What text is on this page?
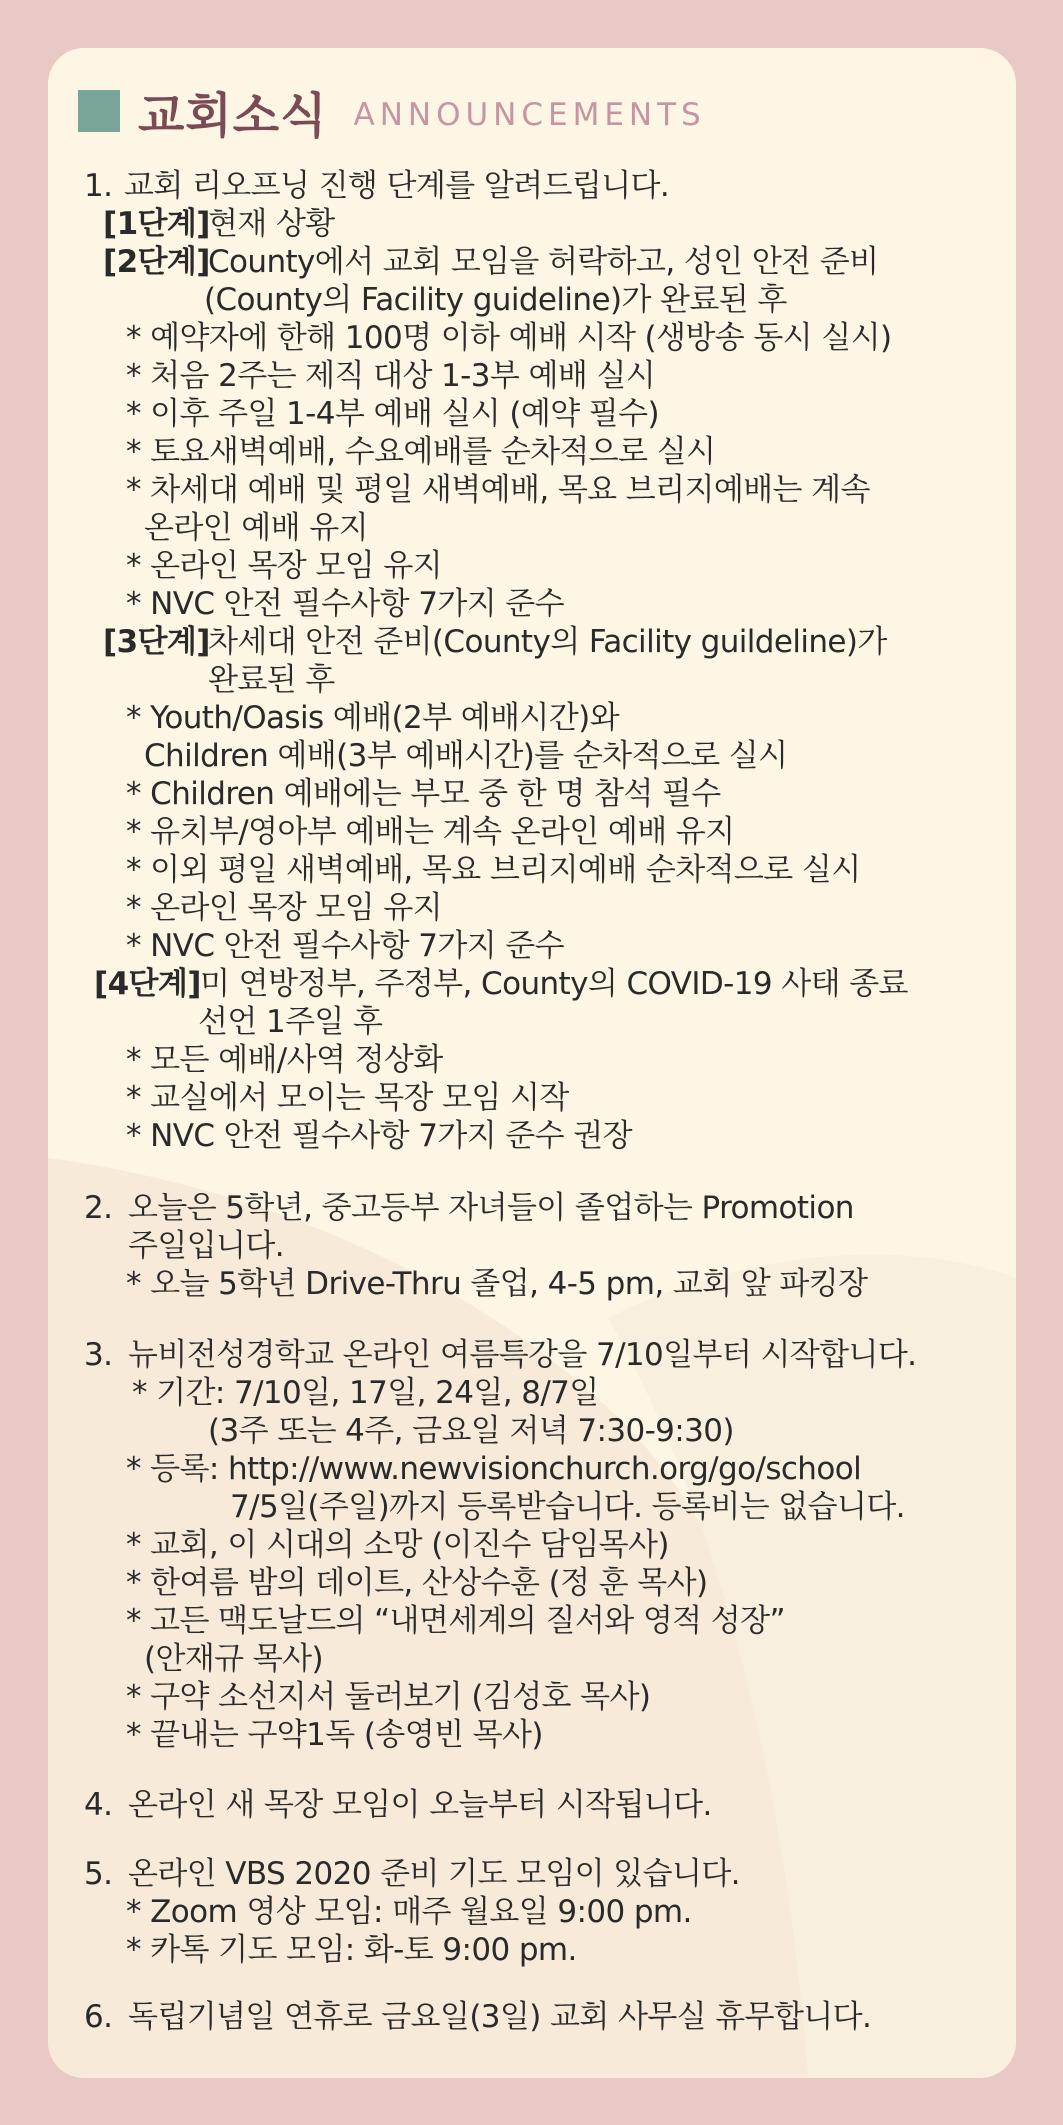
교회소식 ANNOUNCEMENTS
1. 교회 리오프닝 진행 단계를 알려드립니다.
[1단계]
현재 상황
[2단계]
County에서 교회 모임을 허락하고, 성인 안전 준비
(County의 Facility guideline)가 완료된 후
* 예약자에 한해 100명 이하 예배 시작 (생방송 동시 실시)
* 처음 2주는 제직 대상 1-3부 예배 실시
* 이후 주일 1-4부 예배 실시 (예약 필수)
* 토요새벽예배, 수요예배를 순차적으로 실시
* 차세대 예배 및 평일 새벽예배, 목요 브리지예배는 계속
온라인 예배 유지
* 온라인 목장 모임 유지
* NVC 안전 필수사항 7가지 준수
[3단계]
차세대 안전 준비(County의 Facility guildeline)가
완료된 후
* Youth/Oasis 예배(2부 예배시간)와
Children 예배(3부 예배시간)를 순차적으로 실시
* Children 예배에는 부모 중 한 명 참석 필수
* 유치부/영아부 예배는 계속 온라인 예배 유지
* 이외 평일 새벽예배, 목요 브리지예배 순차적으로 실시
* 온라인 목장 모임 유지
* NVC 안전 필수사항 7가지 준수
[4단계] 미 연방정부, 주정부, County의 COVID-19 사태 종료
선언 1주일 후
* 모든 예배/사역 정상화
* 교실에서 모이는 목장 모임 시작
* NVC 안전 필수사항 7가지 준수 권장
2. 오늘은 5학년, 중고등부 자녀들이 졸업하는 Promotion
주일입니다.
* 오늘 5학년 Drive-Thru 졸업, 4-5 pm, 교회 앞 파킹장
3. 뉴비전성경학교 온라인 여름특강을 7/10일부터 시작합니다.
* 기간: 7/10일, 17일, 24일, 8/7일
(3주 또는 4주, 금요일 저녁 7:30-9:30)
* 등록: http://www.newvisionchurch.org/go/school
7/5일(주일)까지 등록받습니다. 등록비는 없습니다.
* 교회, 이 시대의 소망 (이진수 담임목사)
* 한여름 밤의 데이트, 산상수훈 (정 훈 목사)
* 고든 맥도날드의 “내면세계의 질서와 영적 성장”
(안재규 목사)
* 구약 소선지서 둘러보기 (김성호 목사)
* 끝내는 구약1독 (송영빈 목사)
4. 온라인 새 목장 모임이 오늘부터 시작됩니다.
5. 온라인 VBS 2020 준비 기도 모임이 있습니다.
* Zoom 영상 모임: 매주 월요일 9:00 pm.
* 카톡 기도 모임: 화-토 9:00 pm.
6. 독립기념일 연휴로 금요일(3일) 교회 사무실 휴무합니다.
